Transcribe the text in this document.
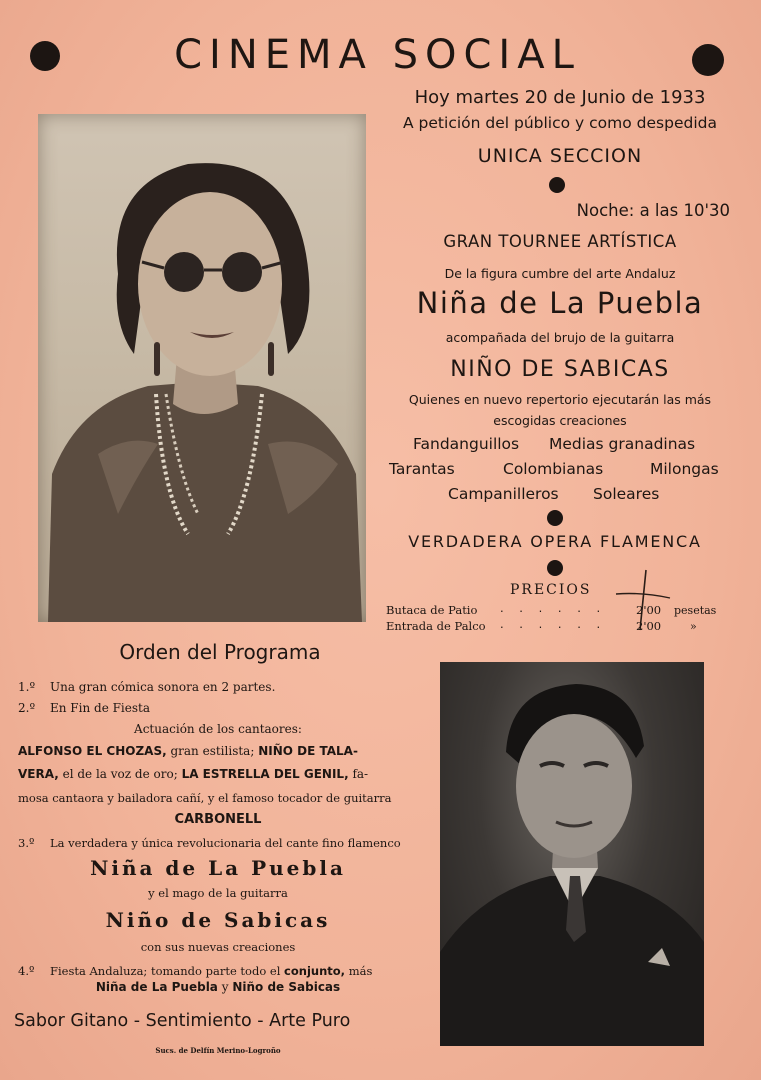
CINEMA SOCIAL
Hoy martes 20 de Junio de 1933
A petición del público y como despedida
UNICA SECCION
Noche: a las 10'30
GRAN TOURNEE ARTÍSTICA
De la figura cumbre del arte Andaluz
Niña de La Puebla
acompañada del brujo de la guitarra
NIÑO DE SABICAS
Quienes en nuevo repertorio ejecutarán las más
escogidas creaciones
Fandanguillos Medias granadinas
Tarantas	Colombianas	Milongas
Campanilleros Soleares
VERDADERA OPERA FLAMENCA
PRECIOS
Butaca de Patio . . . . . .	2'00 pesetas
Entrada de Palco . . . . . .	2'00	»
Orden del Programa
1.º Una gran cómica sonora en 2 partes.
2.º En Fin de Fiesta
Actuación de los cantaores:
ALFONSO EL CHOZAS, gran estilista; NIÑO DE TALA-
VERA, el de la voz de oro; LA ESTRELLA DEL GENIL, fa-
mosa cantaora y bailadora cañí, y el famoso tocador de guitarra
CARBONELL
3.º La verdadera y única revolucionaria del cante fino flamenco
Niña de La Puebla
y el mago de la guitarra
Niño de Sabicas
con sus nuevas creaciones
4.º Fiesta Andaluza; tomando parte todo el conjunto, más
Niña de La Puebla y Niño de Sabicas
Sabor Gitano - Sentimiento - Arte Puro
Sucs. de Delfín Merino-Logroño
